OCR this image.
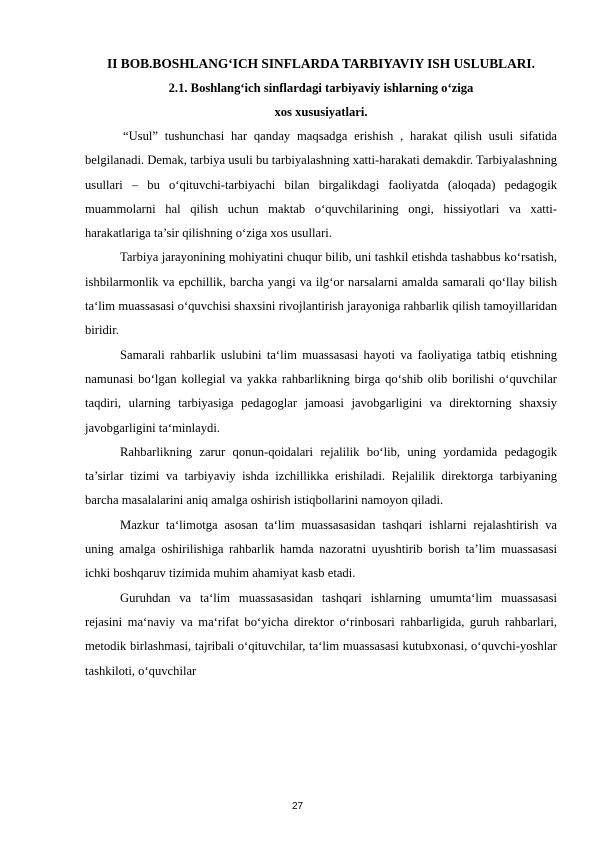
II BOB.BOSHLANG‘ICH SINFLARDA TARBIYAVIY ISH USLUBLARI.

2.1. Boshlang‘ich sinflardagi tarbiyaviy ishlarning o‘ziga

xos xususiyatlari.

“Usul” tushunchasi har qanday maqsadga erishish , harakat qilish usuli sifatida belgilanadi. Demak, tarbiya usuli bu tarbiyalashning xatti-harakati demakdir. Tarbiyalashning usullari – bu o‘qituvchi-tarbiyachi bilan birgalikdagi faoliyatda (aloqada) pedagogik muammolarni hal qilish uchun maktab o‘quvchilarining ongi, hissiyotlari va xatti-harakatlariga ta’sir qilishning o‘ziga xos usullari.

Tarbiya jarayonining mohiyatini chuqur bilib, uni tashkil etishda tashabbus ko‘rsatish, ishbilarmonlik va epchillik, barcha yangi va ilg‘or narsalarni amalda samarali qo‘llay bilish ta‘lim muassasasi o‘quvchisi shaxsini rivojlantirish jarayoniga rahbarlik qilish tamoyillaridan biridir.

Samarali rahbarlik uslubini ta‘lim muassasasi hayoti va faoliyatiga tatbiq etishning namunasi bo‘lgan kollegial va yakka rahbarlikning birga qo‘shib olib borilishi o‘quvchilar taqdiri, ularning tarbiyasiga pedagoglar jamoasi javobgarligini va direktorning shaxsiy javobgarligini ta‘minlaydi.

Rahbarlikning zarur qonun-qoidalari rejalilik bo‘lib, uning yordamida pedagogik ta’sirlar tizimi va tarbiyaviy ishda izchillikka erishiladi. Rejalilik direktorga tarbiyaning barcha masalalarini aniq amalga oshirish istiqbollarini namoyon qiladi.

Mazkur ta‘limotga asosan ta‘lim muassasasidan tashqari ishlarni rejalashtirish va uning amalga oshirilishiga rahbarlik hamda nazoratni uyushtirib borish ta’lim muassasasi ichki boshqaruv tizimida muhim ahamiyat kasb etadi.

Guruhdan va ta‘lim muassasasidan tashqari ishlarning umumta‘lim muassasasi rejasini ma‘naviy va ma‘rifat bo‘yicha direktor o‘rinbosari rahbarligida, guruh rahbarlari, metodik birlashmasi, tajribali o‘qituvchilar, ta‘lim muassasasi kutubxonasi, o‘quvchi-yoshlar tashkiloti, o‘quvchilar

27
